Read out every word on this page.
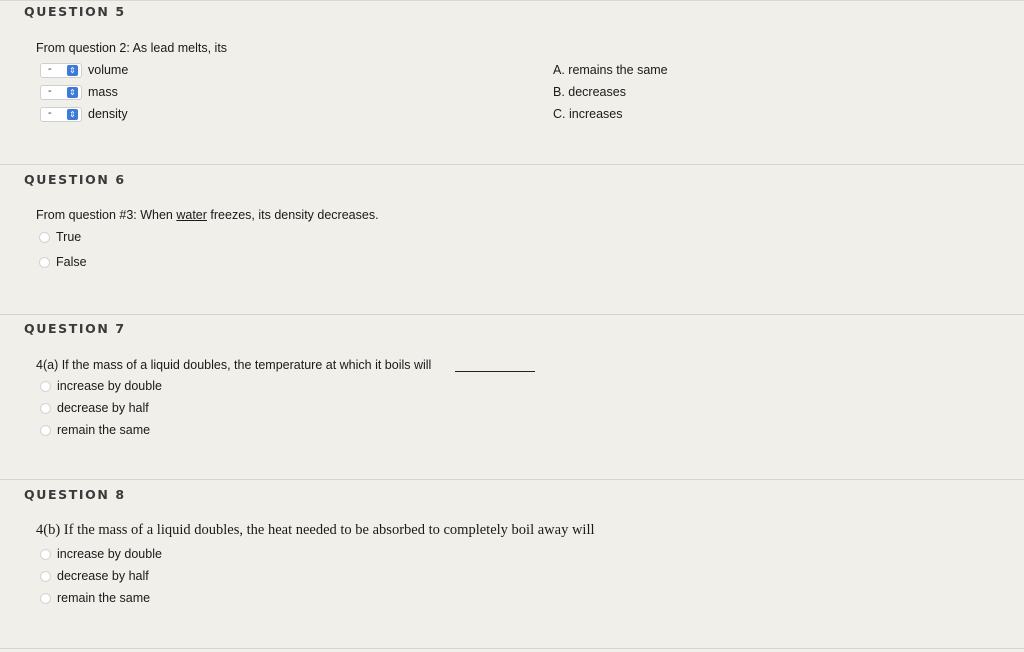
QUESTION 5
From question 2: As lead melts, its
- ⇕ volume
- ⇕ mass
- ⇕ density
A. remains the same
B. decreases
C. increases
QUESTION 6
From question #3: When water freezes, its density decreases.
True
False
QUESTION 7
4(a) If the mass of a liquid doubles, the temperature at which it boils will
increase by double
decrease by half
remain the same
QUESTION 8
4(b) If the mass of a liquid doubles, the heat needed to be absorbed to completely boil away will
increase by double
decrease by half
remain the same
